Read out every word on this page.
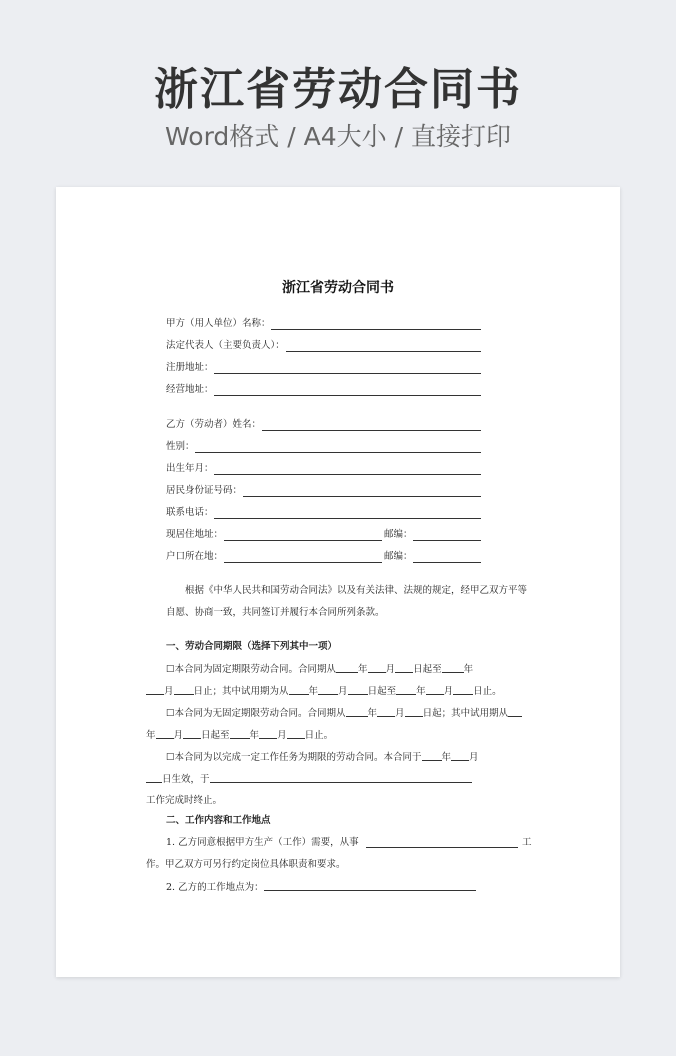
浙江省劳动合同书
Word格式 / A4大小 / 直接打印
浙江省劳动合同书
甲方（用人单位）名称：
法定代表人（主要负责人）：
注册地址：
经营地址：
乙方（劳动者）姓名：
性别：
出生年月：
居民身份证号码：
联系电话：
现居住地址：	邮编：
户口所在地：	邮编：
根据《中华人民共和国劳动合同法》以及有关法律、法规的规定，经甲乙双方平等自愿、协商一致，共同签订并履行本合同所列条款。
一、劳动合同期限（选择下列其中一项）
☐本合同为固定期限劳动合同。合同期从 年 月 日起至 年
月 日止；其中试用期为从 年 月 日起至 年 月 日止。
☐本合同为无固定期限劳动合同。合同期从 年 月 日起；其中试用期从
年 月 日起至 年 月 日止。
☐本合同为以完成一定工作任务为期限的劳动合同。本合同于 年 月
日生效，于
工作完成时终止。
二、工作内容和工作地点
1. 乙方同意根据甲方生产（工作）需要，从事	工
作。甲乙双方可另行约定岗位具体职责和要求。
2. 乙方的工作地点为：
